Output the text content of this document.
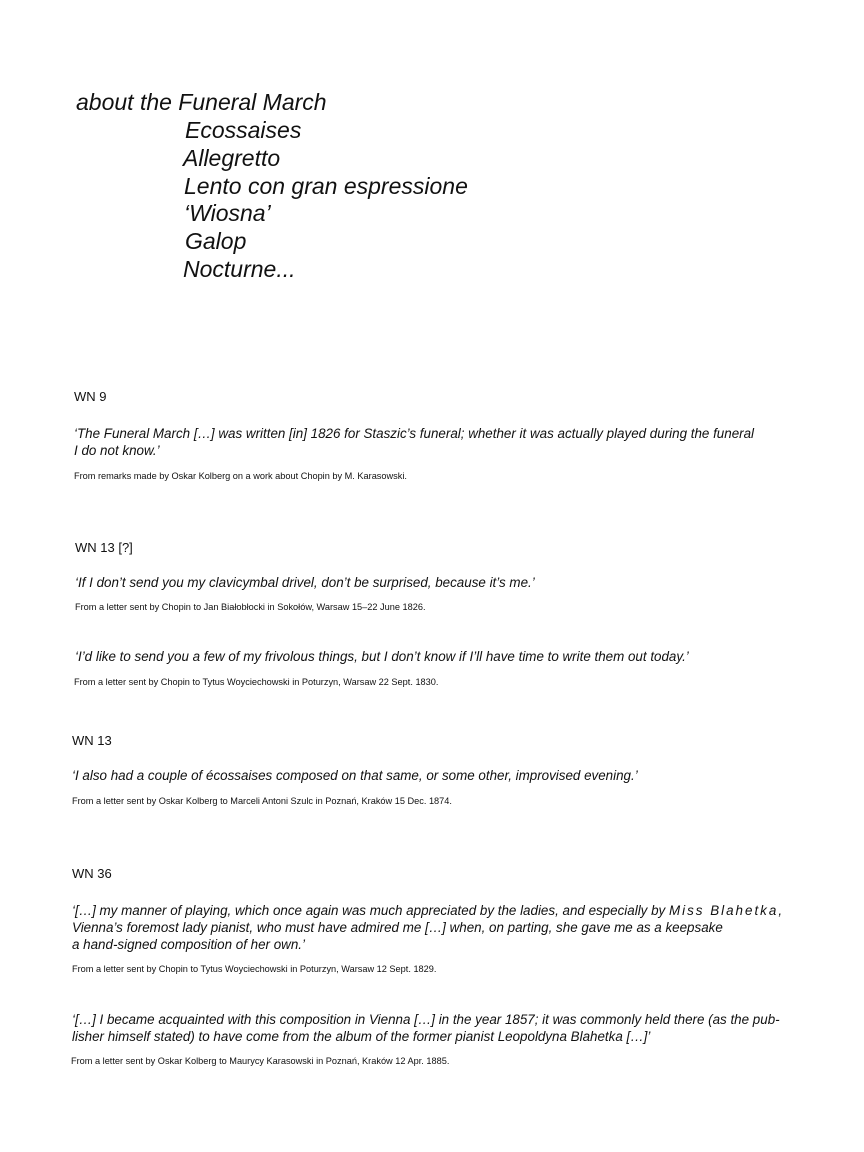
about the Funeral March
Ecossaises
Allegretto
Lento con gran espressione
‘Wiosna’
Galop
Nocturne...
WN 9
‘The Funeral March […] was written [in] 1826 for Staszic’s funeral; whether it was actually played during the funeral
I do not know.’
From remarks made by Oskar Kolberg on a work about Chopin by M. Karasowski.
WN 13 [?]
‘If I don’t send you my clavicymbal drivel, don’t be surprised, because it’s me.’
From a letter sent by Chopin to Jan Białobłocki in Sokołów, Warsaw 15–22 June 1826.
‘I’d like to send you a few of my frivolous things, but I don’t know if I’ll have time to write them out today.’
From a letter sent by Chopin to Tytus Woyciechowski in Poturzyn, Warsaw 22 Sept. 1830.
WN 13
‘I also had a couple of écossaises composed on that same, or some other, improvised evening.’
From a letter sent by Oskar Kolberg to Marceli Antoni Szulc in Poznań, Kraków 15 Dec. 1874.
WN 36
‘[…] my manner of playing, which once again was much appreciated by the ladies, and especially by Miss Blahetka,
Vienna’s foremost lady pianist, who must have admired me […] when, on parting, she gave me as a keepsake
a hand-signed composition of her own.’
From a letter sent by Chopin to Tytus Woyciechowski in Poturzyn, Warsaw 12 Sept. 1829.
‘[…] I became acquainted with this composition in Vienna […] in the year 1857; it was commonly held there (as the pub-
lisher himself stated) to have come from the album of the former pianist Leopoldyna Blahetka […]’
From a letter sent by Oskar Kolberg to Maurycy Karasowski in Poznań, Kraków 12 Apr. 1885.
